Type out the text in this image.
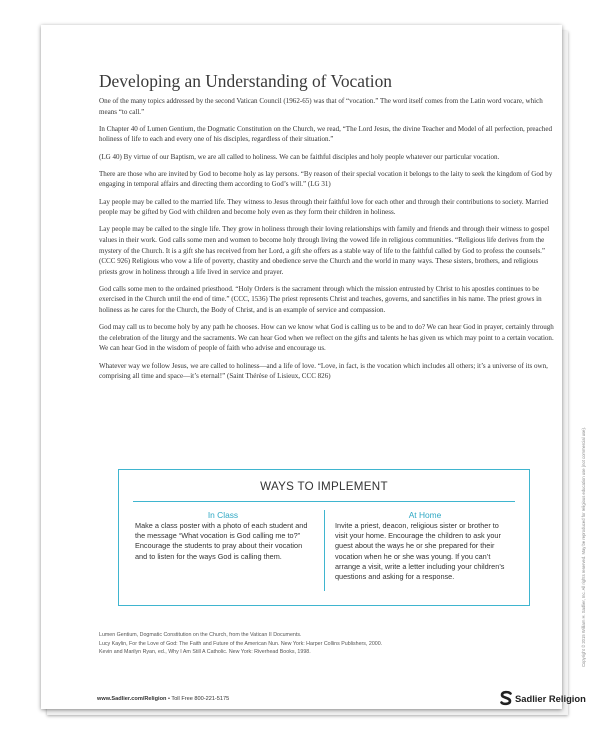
Developing an Understanding of Vocation

One of the many topics addressed by the second Vatican Council (1962-65) was that of “vocation.” The word itself comes from the Latin word vocare, which means “to call.”

In Chapter 40 of Lumen Gentium, the Dogmatic Constitution on the Church, we read, “The Lord Jesus, the divine Teacher and Model of all perfection, preached holiness of life to each and every one of his disciples, regardless of their situation.”

(LG 40) By virtue of our Baptism, we are all called to holiness. We can be faithful disciples and holy people whatever our particular vocation.

There are those who are invited by God to become holy as lay persons. “By reason of their special vocation it belongs to the laity to seek the kingdom of God by engaging in temporal affairs and directing them according to God’s will.” (LG 31)

Lay people may be called to the married life. They witness to Jesus through their faithful love for each other and through their contributions to society. Married people may be gifted by God with children and become holy even as they form their children in holiness.

Lay people may be called to the single life. They grow in holiness through their loving relationships with family and friends and through their witness to gospel values in their work. God calls some men and women to become holy through living the vowed life in religious communities. “Religious life derives from the mystery of the Church. It is a gift she has received from her Lord, a gift she offers as a stable way of life to the faithful called by God to profess the counsels.” (CCC 926) Religious who vow a life of poverty, chastity and obedience serve the Church and the world in many ways. These sisters, brothers, and religious priests grow in holiness through a life lived in service and prayer.

God calls some men to the ordained priesthood. “Holy Orders is the sacrament through which the mission entrusted by Christ to his apostles continues to be exercised in the Church until the end of time.” (CCC, 1536) The priest represents Christ and teaches, governs, and sanctifies in his name. The priest grows in holiness as he cares for the Church, the Body of Christ, and is an example of service and compassion.

God may call us to become holy by any path he chooses. How can we know what God is calling us to be and to do? We can hear God in prayer, certainly through the celebration of the liturgy and the sacraments. We can hear God when we reflect on the gifts and talents he has given us which may point to a certain vocation. We can hear God in the wisdom of people of faith who advise and encourage us.

Whatever way we follow Jesus, we are called to holiness—and a life of love. “Love, in fact, is the vocation which includes all others; it’s a universe of its own, comprising all time and space—it’s eternal!” (Saint Thérèse of Lisieux, CCC 826)

WAYS TO IMPLEMENT
In Class
Make a class poster with a photo of each student and the message “What vocation is God calling me to?” Encourage the students to pray about their vocation and to listen for the ways God is calling them.
At Home
Invite a priest, deacon, religious sister or brother to visit your home. Encourage the children to ask your guest about the ways he or she prepared for their vocation when he or she was young. If you can’t arrange a visit, write a letter including your children’s questions and asking for a response.
Lumen Gentium, Dogmatic Constitution on the Church, from the Vatican II Documents.
Lucy Kaylin, For the Love of God: The Faith and Future of the American Nun. New York: Harper Collins Publishers, 2000.
Kevin and Marilyn Ryan, ed., Why I Am Still A Catholic. New York: Riverhead Books, 1998.
www.Sadlier.com/Religion • Toll Free 800-221-5175	Sadlier Religion
Copyright © 2015 William H. Sadlier, Inc. All rights reserved. May be reproduced for religious education use (not commercial use).
